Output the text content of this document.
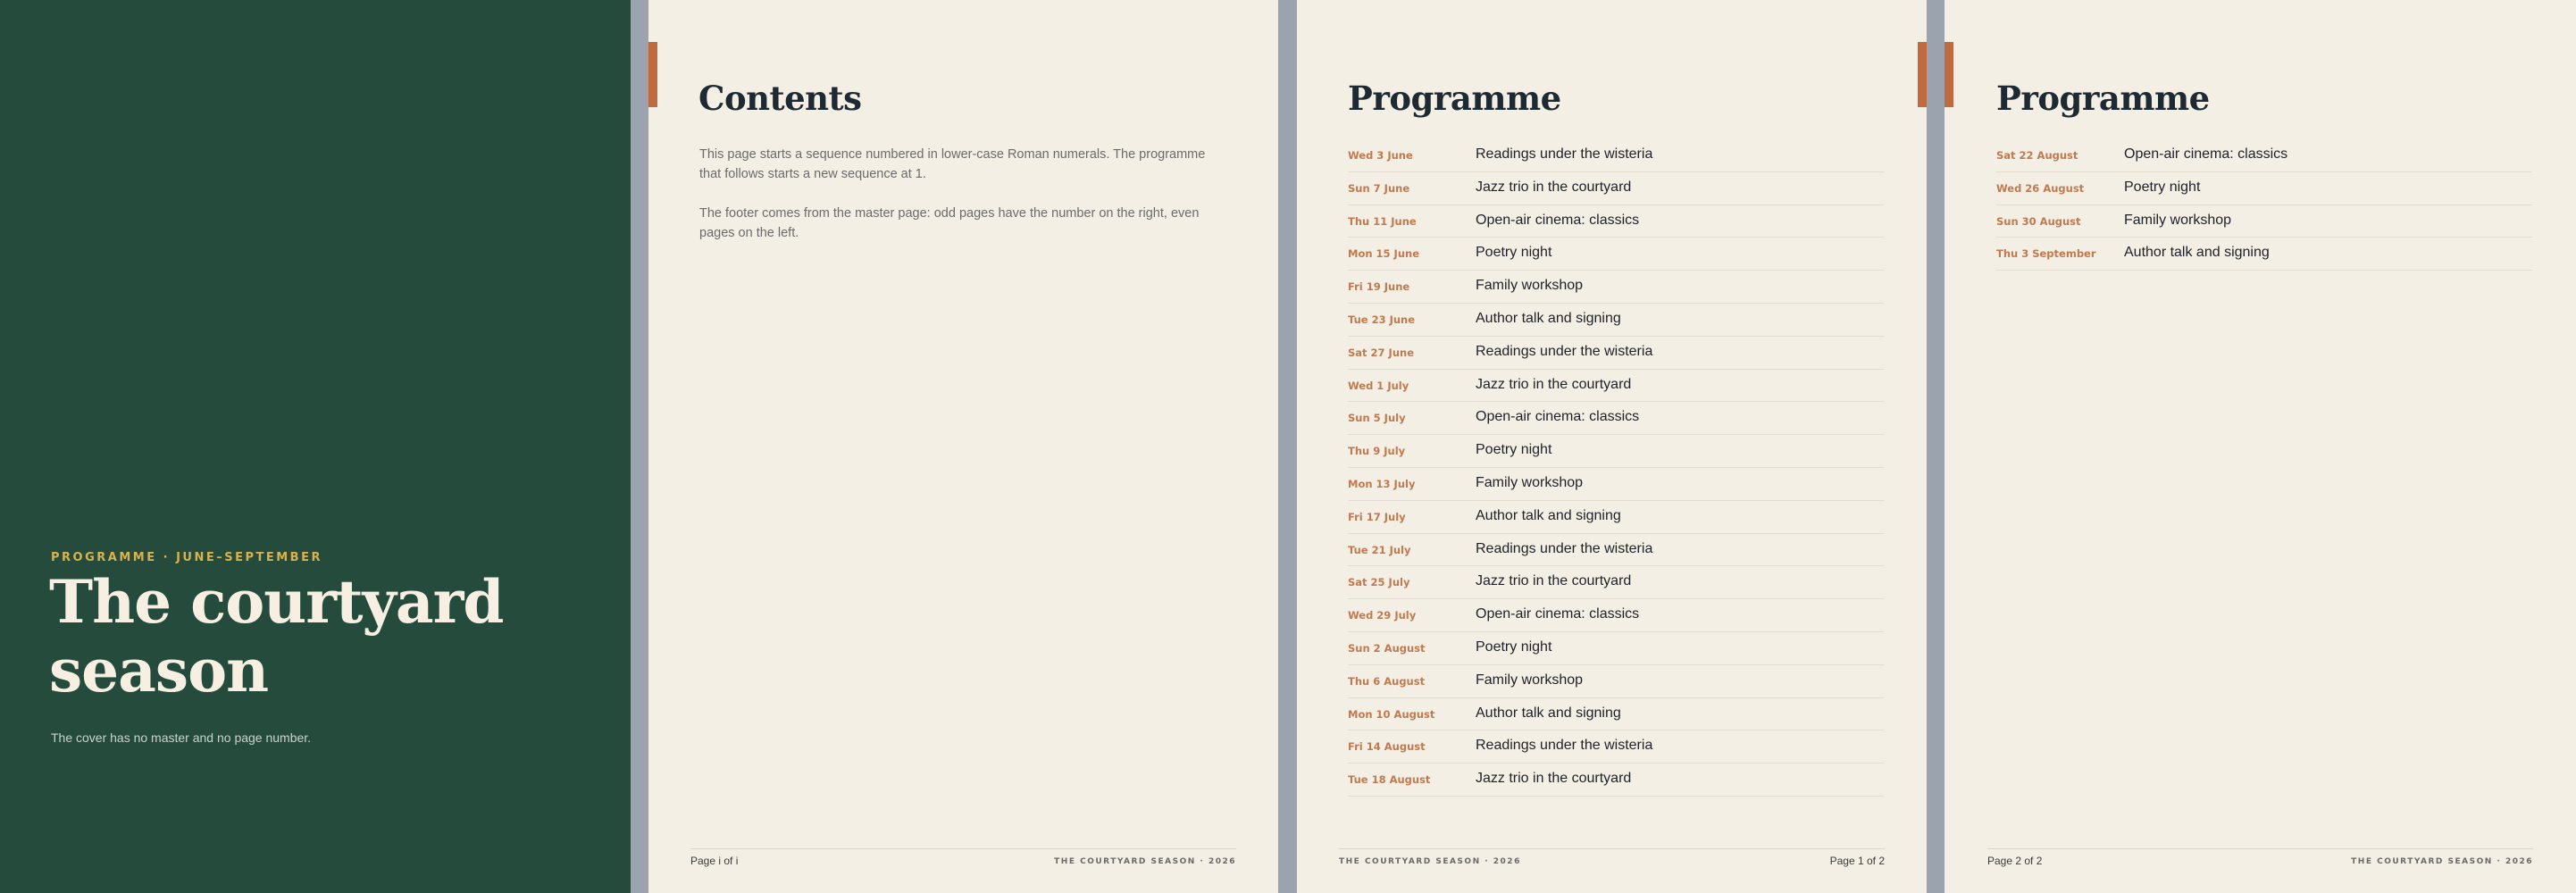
PROGRAMME · JUNE–SEPTEMBER
The courtyard season
The cover has no master and no page number.
Contents
This page starts a sequence numbered in lower-case Roman numerals. The programme that follows starts a new sequence at 1.
The footer comes from the master page: odd pages have the number on the right, even pages on the left.
Page i of i	THE COURTYARD SEASON · 2026
Programme
Wed 3 June	Readings under the wisteria
Sun 7 June	Jazz trio in the courtyard
Thu 11 June	Open-air cinema: classics
Mon 15 June	Poetry night
Fri 19 June	Family workshop
Tue 23 June	Author talk and signing
Sat 27 June	Readings under the wisteria
Wed 1 July	Jazz trio in the courtyard
Sun 5 July	Open-air cinema: classics
Thu 9 July	Poetry night
Mon 13 July	Family workshop
Fri 17 July	Author talk and signing
Tue 21 July	Readings under the wisteria
Sat 25 July	Jazz trio in the courtyard
Wed 29 July	Open-air cinema: classics
Sun 2 August	Poetry night
Thu 6 August	Family workshop
Mon 10 August	Author talk and signing
Fri 14 August	Readings under the wisteria
Tue 18 August	Jazz trio in the courtyard
THE COURTYARD SEASON · 2026	Page 1 of 2
Programme
Sat 22 August	Open-air cinema: classics
Wed 26 August	Poetry night
Sun 30 August	Family workshop
Thu 3 September Author talk and signing
Page 2 of 2	THE COURTYARD SEASON · 2026
